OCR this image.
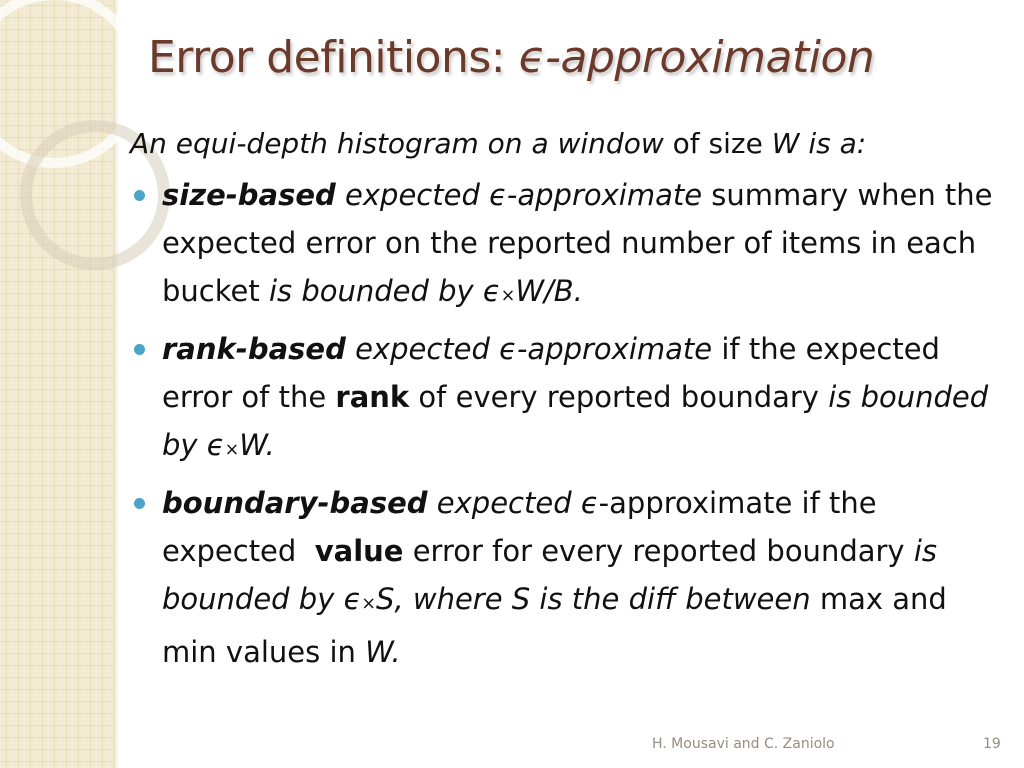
Error definitions: ϵ-approximation

An equi-depth histogram on a window of size W is a:

size-based expected ϵ-approximate summary when the expected error on the reported number of items in each bucket is bounded by ϵ×W/B.
rank-based expected ϵ-approximate if the expected error of the rank of every reported boundary is bounded by ϵ×W.
boundary-based expected ϵ-approximate if the expected  value error for every reported boundary is bounded by ϵ×S, where S is the diff between max and min values in W.
H. Mousavi and C. Zaniolo	19
